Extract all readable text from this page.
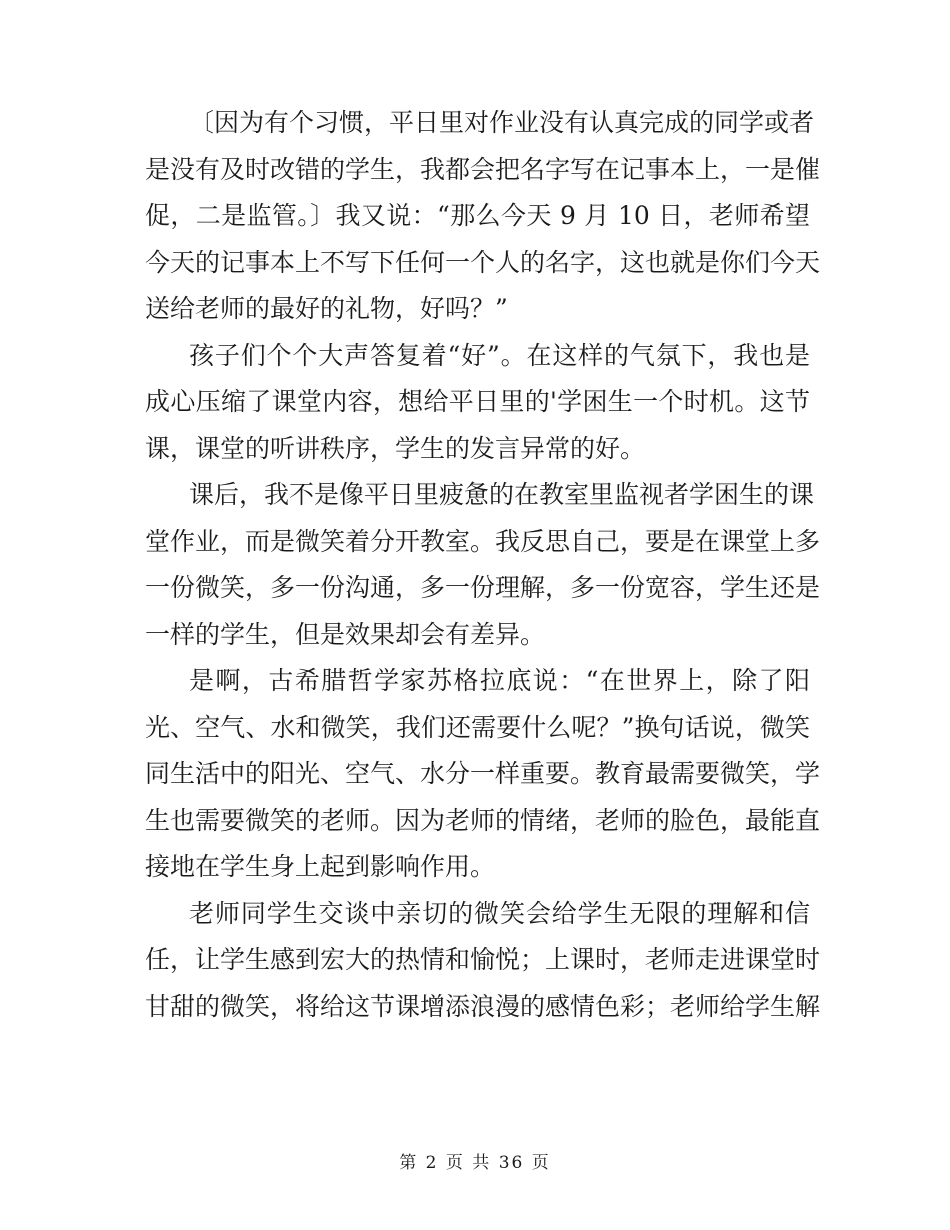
〔因为有个习惯，平日里对作业没有认真完成的同学或者
是没有及时改错的学生，我都会把名字写在记事本上，一是催
促，二是监管。〕我又说：“那么今天 9 月 10 日，老师希望
今天的记事本上不写下任何一个人的名字，这也就是你们今天
送给老师的最好的礼物，好吗？”
孩子们个个大声答复着“好”。在这样的气氛下，我也是
成心压缩了课堂内容，想给平日里的'学困生一个时机。这节
课，课堂的听讲秩序，学生的发言异常的好。
课后，我不是像平日里疲惫的在教室里监视者学困生的课
堂作业，而是微笑着分开教室。我反思自己，要是在课堂上多
一份微笑，多一份沟通，多一份理解，多一份宽容，学生还是
一样的学生，但是效果却会有差异。
是啊，古希腊哲学家苏格拉底说：“在世界上，除了阳
光、空气、水和微笑，我们还需要什么呢？”换句话说，微笑
同生活中的阳光、空气、水分一样重要。教育最需要微笑，学
生也需要微笑的老师。因为老师的情绪，老师的脸色，最能直
接地在学生身上起到影响作用。
老师同学生交谈中亲切的微笑会给学生无限的理解和信
任，让学生感到宏大的热情和愉悦；上课时，老师走进课堂时
甘甜的微笑，将给这节课增添浪漫的感情色彩；老师给学生解
第 2 页 共 36 页
